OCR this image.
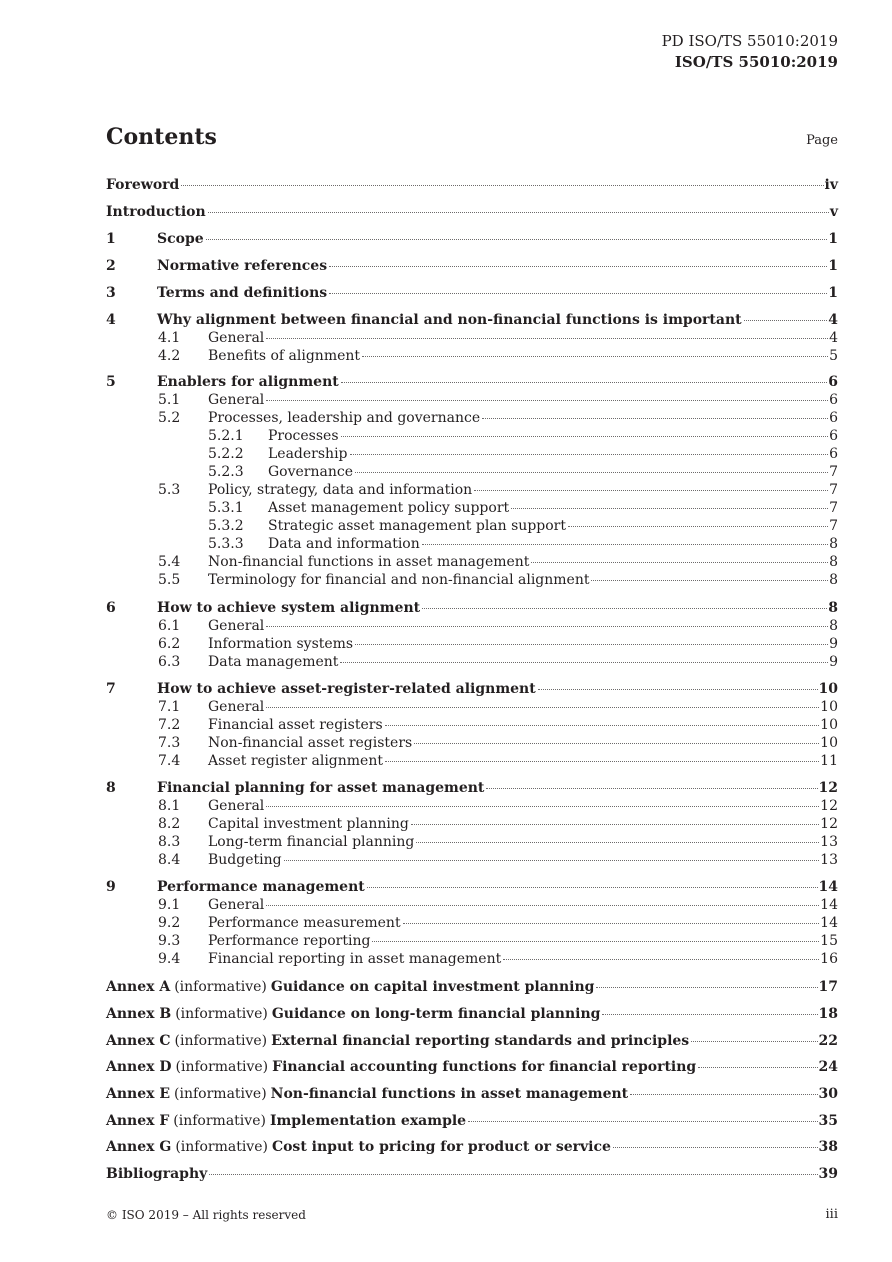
PD ISO/TS 55010:2019
ISO/TS 55010:2019
Contents	Page
Foreword	iv
Introduction	v
1	Scope	1
2	Normative references	1
3	Terms and definitions	1
4	Why alignment between financial and non-financial functions is important	4
4.1 General	4
4.2 Benefits of alignment	5
5	Enablers for alignment	6
5.1 General	6
5.2 Processes, leadership and governance	6
5.2.1 Processes	6
5.2.2 Leadership	6
5.2.3 Governance	7
5.3 Policy, strategy, data and information	7
5.3.1 Asset management policy support	7
5.3.2 Strategic asset management plan support	7
5.3.3 Data and information	8
5.4 Non-financial functions in asset management	8
5.5 Terminology for financial and non-financial alignment	8
6	How to achieve system alignment	8
6.1 General	8
6.2 Information systems	9
6.3 Data management	9
7	How to achieve asset-register-related alignment	10
7.1 General	10
7.2 Financial asset registers	10
7.3 Non-financial asset registers	10
7.4 Asset register alignment	11
8	Financial planning for asset management	12
8.1 General	12
8.2 Capital investment planning	12
8.3 Long-term financial planning	13
8.4 Budgeting	13
9	Performance management	14
9.1 General	14
9.2 Performance measurement	14
9.3 Performance reporting	15
9.4 Financial reporting in asset management	16
Annex A (informative) Guidance on capital investment planning	17
Annex B (informative) Guidance on long-term financial planning	18
Annex C (informative) External financial reporting standards and principles	22
Annex D (informative) Financial accounting functions for financial reporting	24
Annex E (informative) Non-financial functions in asset management	30
Annex F (informative) Implementation example	35
Annex G (informative) Cost input to pricing for product or service	38
Bibliography	39
© ISO 2019 – All rights reserved	iii
